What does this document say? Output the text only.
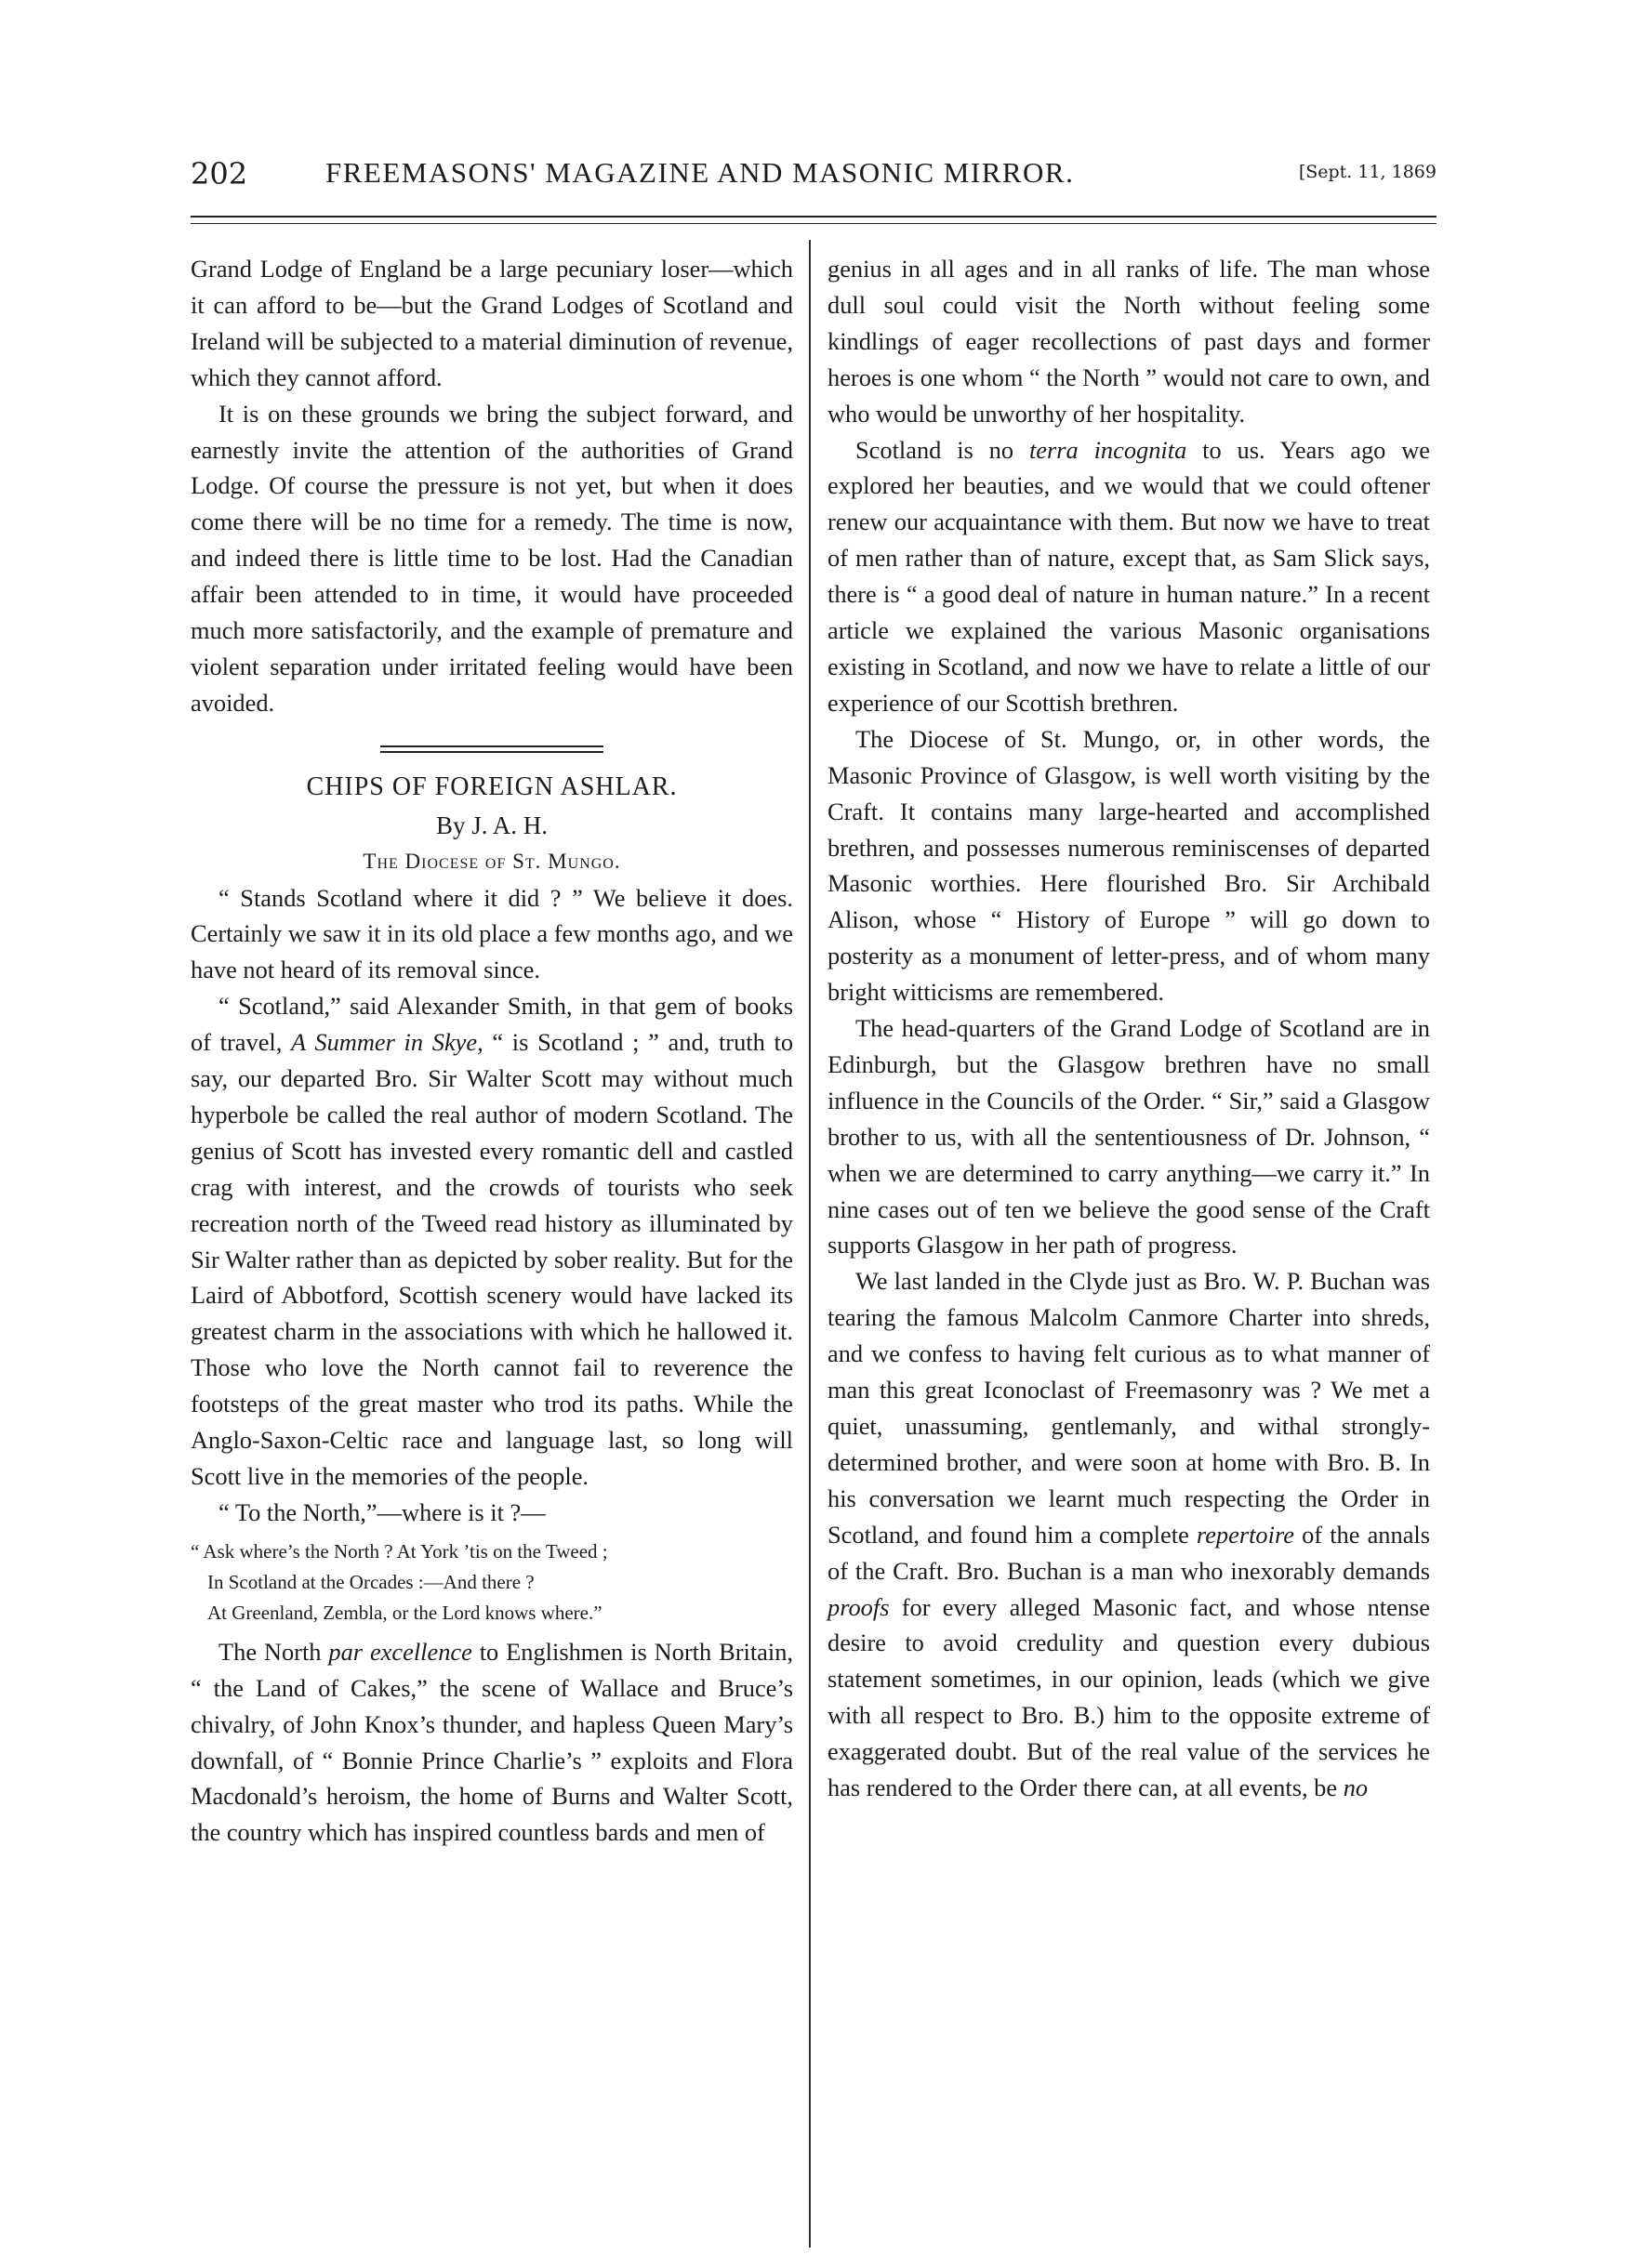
202	FREEMASONS' MAGAZINE AND MASONIC MIRROR.	[Sept. 11, 1869

Grand Lodge of England be a large pecuniary loser—which it can afford to be—but the Grand Lodges of Scotland and Ireland will be subjected to a material diminution of revenue, which they cannot afford.

It is on these grounds we bring the subject forward, and earnestly invite the attention of the authorities of Grand Lodge. Of course the pressure is not yet, but when it does come there will be no time for a remedy. The time is now, and indeed there is little time to be lost. Had the Canadian affair been attended to in time, it would have proceeded much more satisfactorily, and the example of premature and violent separation under irritated feeling would have been avoided.

CHIPS OF FOREIGN ASHLAR.
By J. A. H.
The Diocese of St. Mungo.

“ Stands Scotland where it did ? ” We believe it does. Certainly we saw it in its old place a few months ago, and we have not heard of its removal since.

“ Scotland,” said Alexander Smith, in that gem of books of travel, A Summer in Skye, “ is Scotland ; ” and, truth to say, our departed Bro. Sir Walter Scott may without much hyperbole be called the real author of modern Scotland. The genius of Scott has invested every romantic dell and castled crag with interest, and the crowds of tourists who seek recreation north of the Tweed read history as illuminated by Sir Walter rather than as depicted by sober reality. But for the Laird of Abbotford, Scottish scenery would have lacked its greatest charm in the associations with which he hallowed it. Those who love the North cannot fail to reverence the footsteps of the great master who trod its paths. While the Anglo-Saxon-Celtic race and language last, so long will Scott live in the memories of the people.

“ To the North,”—where is it ?—

“ Ask where’s the North ? At York ’tis on the Tweed ;
In Scotland at the Orcades :—And there ?
At Greenland, Zembla, or the Lord knows where.”

The North par excellence to Englishmen is North Britain, “ the Land of Cakes,” the scene of Wallace and Bruce’s chivalry, of John Knox’s thunder, and hapless Queen Mary’s downfall, of “ Bonnie Prince Charlie’s ” exploits and Flora Macdonald’s heroism, the home of Burns and Walter Scott, the country which has inspired countless bards and men of

genius in all ages and in all ranks of life. The man whose dull soul could visit the North without feeling some kindlings of eager recollections of past days and former heroes is one whom “ the North ” would not care to own, and who would be unworthy of her hospitality.

Scotland is no terra incognita to us. Years ago we explored her beauties, and we would that we could oftener renew our acquaintance with them. But now we have to treat of men rather than of nature, except that, as Sam Slick says, there is “ a good deal of nature in human nature.” In a recent article we explained the various Masonic organisations existing in Scotland, and now we have to relate a little of our experience of our Scottish brethren.

The Diocese of St. Mungo, or, in other words, the Masonic Province of Glasgow, is well worth visiting by the Craft. It contains many large-hearted and accomplished brethren, and possesses numerous reminiscenses of departed Masonic worthies. Here flourished Bro. Sir Archibald Alison, whose “ History of Europe ” will go down to posterity as a monument of letter-press, and of whom many bright witticisms are remembered.

The head-quarters of the Grand Lodge of Scotland are in Edinburgh, but the Glasgow brethren have no small influence in the Councils of the Order. “ Sir,” said a Glasgow brother to us, with all the sententiousness of Dr. Johnson, “ when we are determined to carry anything—we carry it.” In nine cases out of ten we believe the good sense of the Craft supports Glasgow in her path of progress.

We last landed in the Clyde just as Bro. W. P. Buchan was tearing the famous Malcolm Canmore Charter into shreds, and we confess to having felt curious as to what manner of man this great Iconoclast of Freemasonry was ? We met a quiet, unassuming, gentlemanly, and withal strongly-determined brother, and were soon at home with Bro. B. In his conversation we learnt much respecting the Order in Scotland, and found him a complete repertoire of the annals of the Craft. Bro. Buchan is a man who inexorably demands proofs for every alleged Masonic fact, and whose ntense desire to avoid credulity and question every dubious statement sometimes, in our opinion, leads (which we give with all respect to Bro. B.) him to the opposite extreme of exaggerated doubt. But of the real value of the services he has rendered to the Order there can, at all events, be no
